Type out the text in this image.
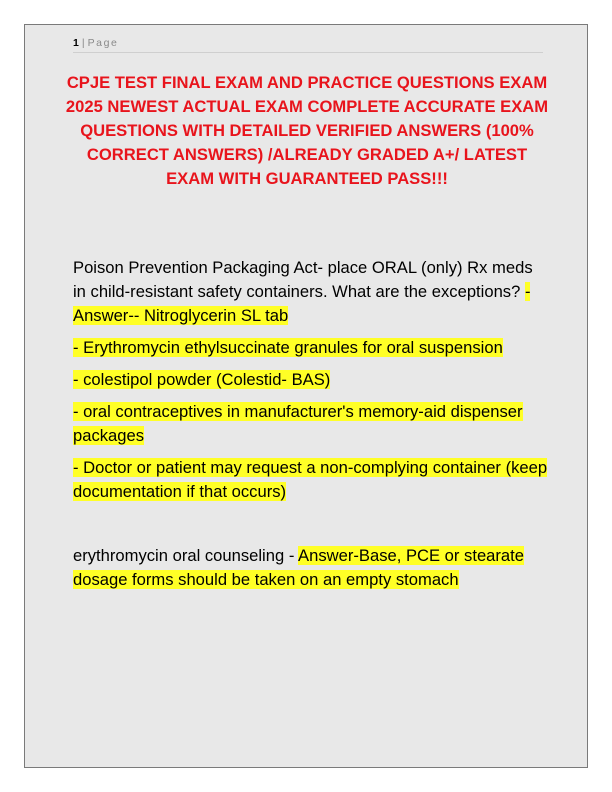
1 | Page
CPJE TEST FINAL EXAM AND PRACTICE QUESTIONS EXAM 2025 NEWEST ACTUAL EXAM COMPLETE ACCURATE EXAM QUESTIONS WITH DETAILED VERIFIED ANSWERS (100% CORRECT ANSWERS) /ALREADY GRADED A+/ LATEST EXAM WITH GUARANTEED PASS!!!

Poison Prevention Packaging Act- place ORAL (only) Rx meds in child-resistant safety containers. What are the exceptions? - Answer-- Nitroglycerin SL tab

- Erythromycin ethylsuccinate granules for oral suspension

- colestipol powder (Colestid- BAS)

- oral contraceptives in manufacturer's memory-aid dispenser packages

- Doctor or patient may request a non-complying container (keep documentation if that occurs)

erythromycin oral counseling - Answer-Base, PCE or stearate dosage forms should be taken on an empty stomach
